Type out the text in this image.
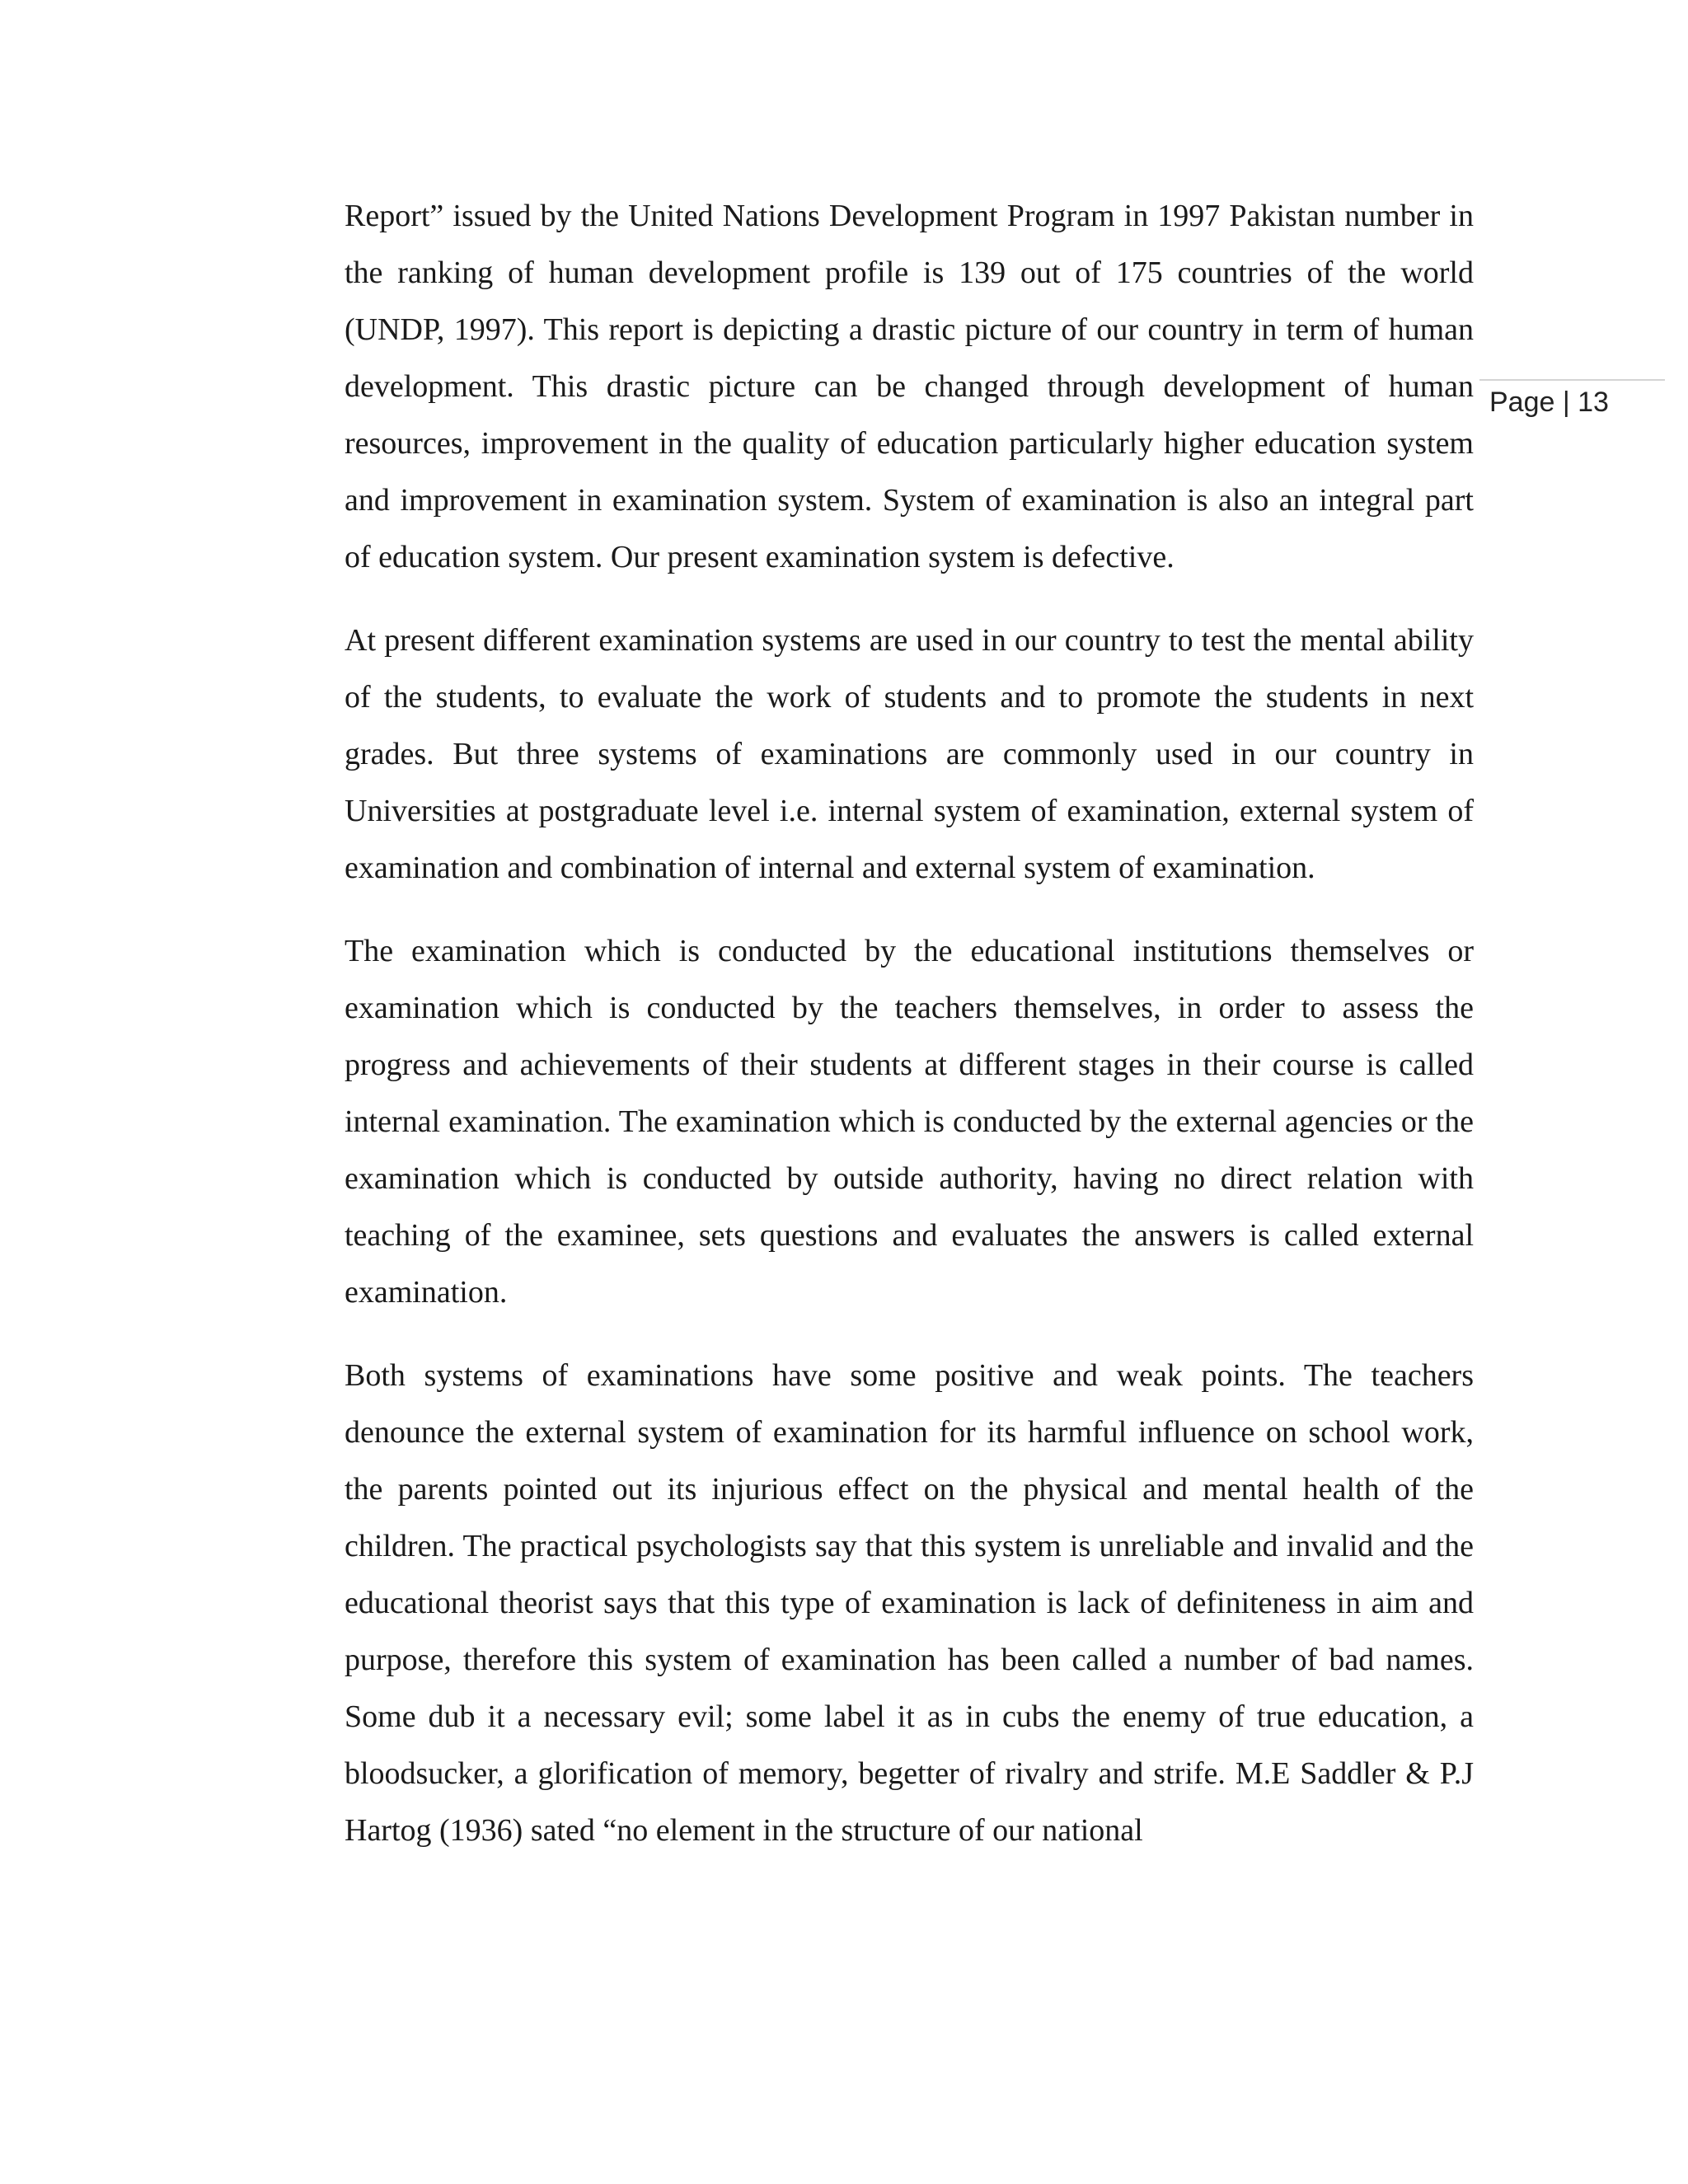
Page | 13

Report” issued by the United Nations Development Program in 1997 Pakistan number in the ranking of human development profile is 139 out of 175 countries of the world (UNDP, 1997). This report is depicting a drastic picture of our country in term of human development. This drastic picture can be changed through development of human resources, improvement in the quality of education particularly higher education system and improvement in examination system. System of examination is also an integral part of education system. Our present examination system is defective.

At present different examination systems are used in our country to test the mental ability of the students, to evaluate the work of students and to promote the students in next grades. But three systems of examinations are commonly used in our country in Universities at postgraduate level i.e. internal system of examination, external system of examination and combination of internal and external system of examination.

The examination which is conducted by the educational institutions themselves or examination which is conducted by the teachers themselves, in order to assess the progress and achievements of their students at different stages in their course is called internal examination. The examination which is conducted by the external agencies or the examination which is conducted by outside authority, having no direct relation with teaching of the examinee, sets questions and evaluates the answers is called external examination.

Both systems of examinations have some positive and weak points. The teachers denounce the external system of examination for its harmful influence on school work, the parents pointed out its injurious effect on the physical and mental health of the children. The practical psychologists say that this system is unreliable and invalid and the educational theorist says that this type of examination is lack of definiteness in aim and purpose, therefore this system of examination has been called a number of bad names. Some dub it a necessary evil; some label it as in cubs the enemy of true education, a bloodsucker, a glorification of memory, begetter of rivalry and strife. M.E Saddler & P.J Hartog (1936) sated “no element in the structure of our national
